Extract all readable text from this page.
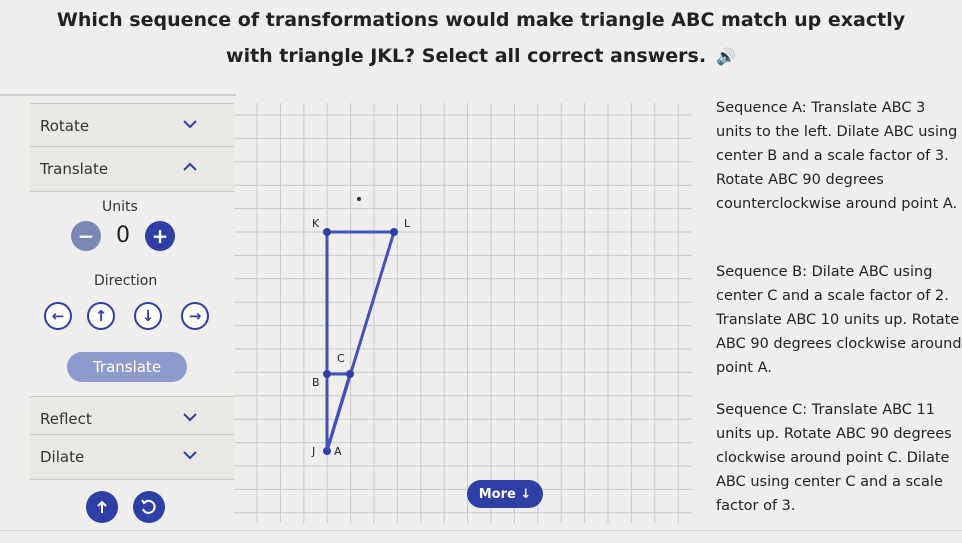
Which sequence of transformations would make triangle ABC match up exactly
with triangle JKL? Select all correct answers. 🔊
Rotate
Translate
Units
− 0	+
Direction
←	↑	↓	→
Translate
Reflect
Dilate
K	L
C
B
J A
More
↓

Sequence A: Translate ABC 3 units to the left. Dilate ABC using center B and a scale factor of 3. Rotate ABC 90 degrees counterclockwise around point A.

Sequence B: Dilate ABC using center C and a scale factor of 2. Translate ABC 10 units up. Rotate ABC 90 degrees clockwise around point A.

Sequence C: Translate ABC 11 units up. Rotate ABC 90 degrees clockwise around point C. Dilate ABC using center C and a scale factor of 3.
